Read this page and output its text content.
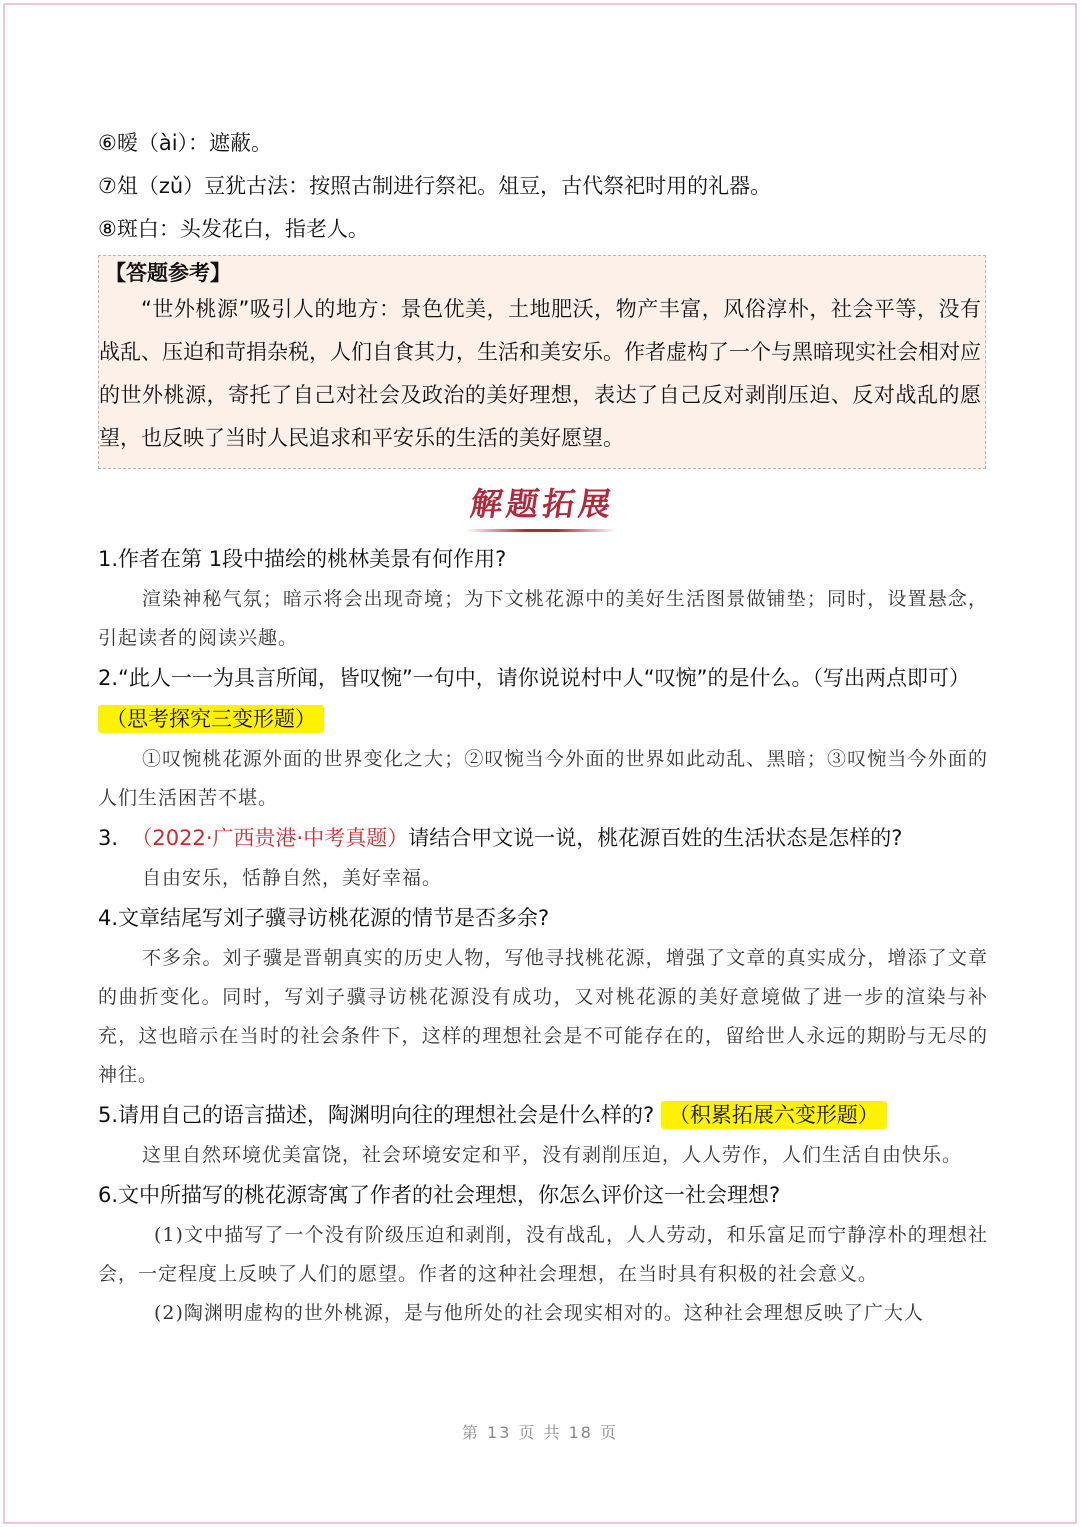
⑥暧（ài）：遮蔽。

⑦俎（zǔ）豆犹古法：按照古制进行祭祀。俎豆，古代祭祀时用的礼器。

⑧斑白：头发花白，指老人。

【答题参考】

“世外桃源”吸引人的地方：景色优美，土地肥沃，物产丰富，风俗淳朴，社会平等，没有战乱、压迫和苛捐杂税，人们自食其力，生活和美安乐。作者虚构了一个与黑暗现实社会相对应的世外桃源，寄托了自己对社会及政治的美好理想，表达了自己反对剥削压迫、反对战乱的愿望，也反映了当时人民追求和平安乐的生活的美好愿望。

解题拓展

1.作者在第 1段中描绘的桃林美景有何作用?

渲染神秘气氛；暗示将会出现奇境；为下文桃花源中的美好生活图景做铺垫；同时，设置悬念，引起读者的阅读兴趣。

2.“此人一一为具言所闻，皆叹惋”一句中，请你说说村中人“叹惋”的是什么。（写出两点即可）（思考探究三变形题）

①叹惋桃花源外面的世界变化之大；②叹惋当今外面的世界如此动乱、黑暗；③叹惋当今外面的人们生活困苦不堪。

3. （2022·广西贵港·中考真题）请结合甲文说一说，桃花源百姓的生活状态是怎样的?

自由安乐，恬静自然，美好幸福。

4.文章结尾写刘子骥寻访桃花源的情节是否多余?

不多余。刘子骥是晋朝真实的历史人物，写他寻找桃花源，增强了文章的真实成分，增添了文章的曲折变化。同时，写刘子骥寻访桃花源没有成功，又对桃花源的美好意境做了进一步的渲染与补充，这也暗示在当时的社会条件下，这样的理想社会是不可能存在的，留给世人永远的期盼与无尽的神往。

5.请用自己的语言描述，陶渊明向往的理想社会是什么样的? （积累拓展六变形题）

这里自然环境优美富饶，社会环境安定和平，没有剥削压迫，人人劳作，人们生活自由快乐。

6.文中所描写的桃花源寄寓了作者的社会理想，你怎么评价这一社会理想?

(1)文中描写了一个没有阶级压迫和剥削，没有战乱，人人劳动，和乐富足而宁静淳朴的理想社会，一定程度上反映了人们的愿望。作者的这种社会理想，在当时具有积极的社会意义。

(2)陶渊明虚构的世外桃源，是与他所处的社会现实相对的。这种社会理想反映了广大人

第 13 页 共 18 页
